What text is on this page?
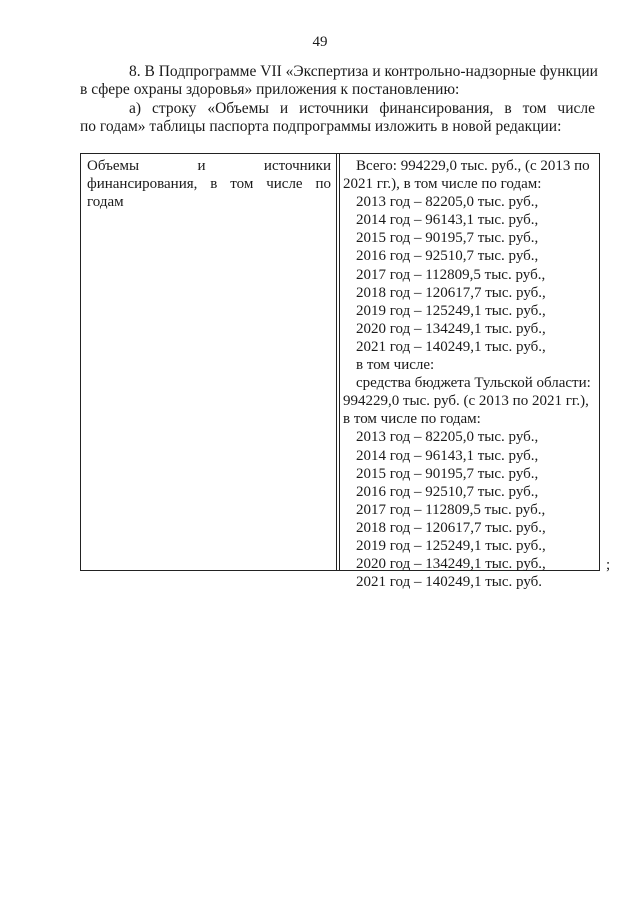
49
8. В Подпрограмме VII «Экспертиза и контрольно-надзорные функции
в сфере охраны здоровья» приложения к постановлению:
а) строку «Объемы и источники финансирования, в том числе
по годам» таблицы паспорта подпрограммы изложить в новой редакции:
Объемы и источники
финансирования, в том числе по
годам
Всего: 994229,0 тыс. руб., (с 2013 по
2021 гг.), в том числе по годам:
2013 год – 82205,0 тыс. руб.,
2014 год – 96143,1 тыс. руб.,
2015 год – 90195,7 тыс. руб.,
2016 год – 92510,7 тыс. руб.,
2017 год – 112809,5 тыс. руб.,
2018 год – 120617,7 тыс. руб.,
2019 год – 125249,1 тыс. руб.,
2020 год – 134249,1 тыс. руб.,
2021 год – 140249,1 тыс. руб.,
в том числе:
средства бюджета Тульской области:
994229,0 тыс. руб. (с 2013 по 2021 гг.),
в том числе по годам:
2013 год – 82205,0 тыс. руб.,
2014 год – 96143,1 тыс. руб.,
2015 год – 90195,7 тыс. руб.,
2016 год – 92510,7 тыс. руб.,
2017 год – 112809,5 тыс. руб.,
2018 год – 120617,7 тыс. руб.,
2019 год – 125249,1 тыс. руб.,
2020 год – 134249,1 тыс. руб.,
2021 год – 140249,1 тыс. руб.
;
